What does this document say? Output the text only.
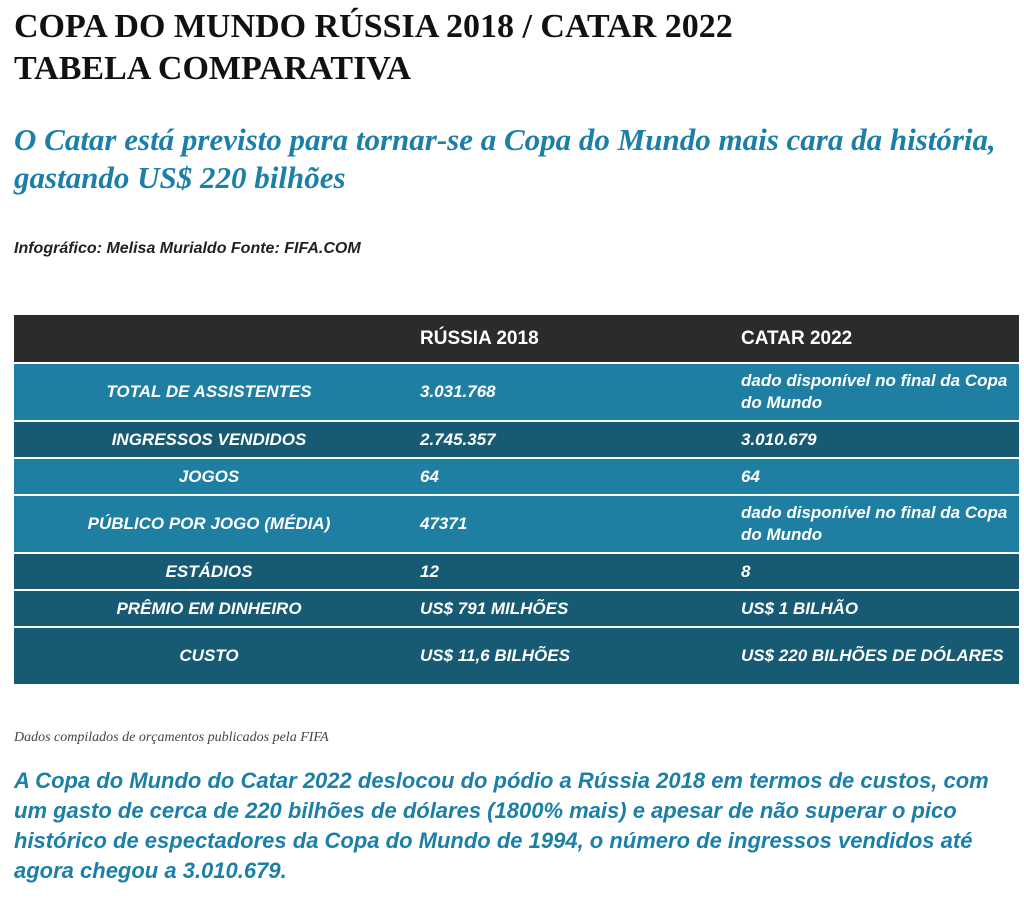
COPA DO MUNDO RÚSSIA 2018 / CATAR 2022
TABELA COMPARATIVA
O Catar está previsto para tornar-se a Copa do Mundo mais cara da história, gastando US$ 220 bilhões

Infográfico: Melisa Murialdo Fonte: FIFA.COM

	RÚSSIA 2018	CATAR 2022
TOTAL DE ASSISTENTES	3.031.768	dado disponível no final da Copa do Mundo
INGRESSOS VENDIDOS	2.745.357	3.010.679
JOGOS	64	64
PÚBLICO POR JOGO (MÉDIA)	47371	dado disponível no final da Copa do Mundo
ESTÁDIOS	12	8
PRÊMIO EM DINHEIRO	US$ 791 MILHÕES	US$ 1 BILHÃO
CUSTO	US$ 11,6 BILHÕES	US$ 220 BILHÕES DE DÓLARES

Dados compilados de orçamentos publicados pela FIFA

A Copa do Mundo do Catar 2022 deslocou do pódio a Rússia 2018 em termos de custos, com um gasto de cerca de 220 bilhões de dólares (1800% mais) e apesar de não superar o pico histórico de espectadores da Copa do Mundo de 1994, o número de ingressos vendidos até agora chegou a 3.010.679.
